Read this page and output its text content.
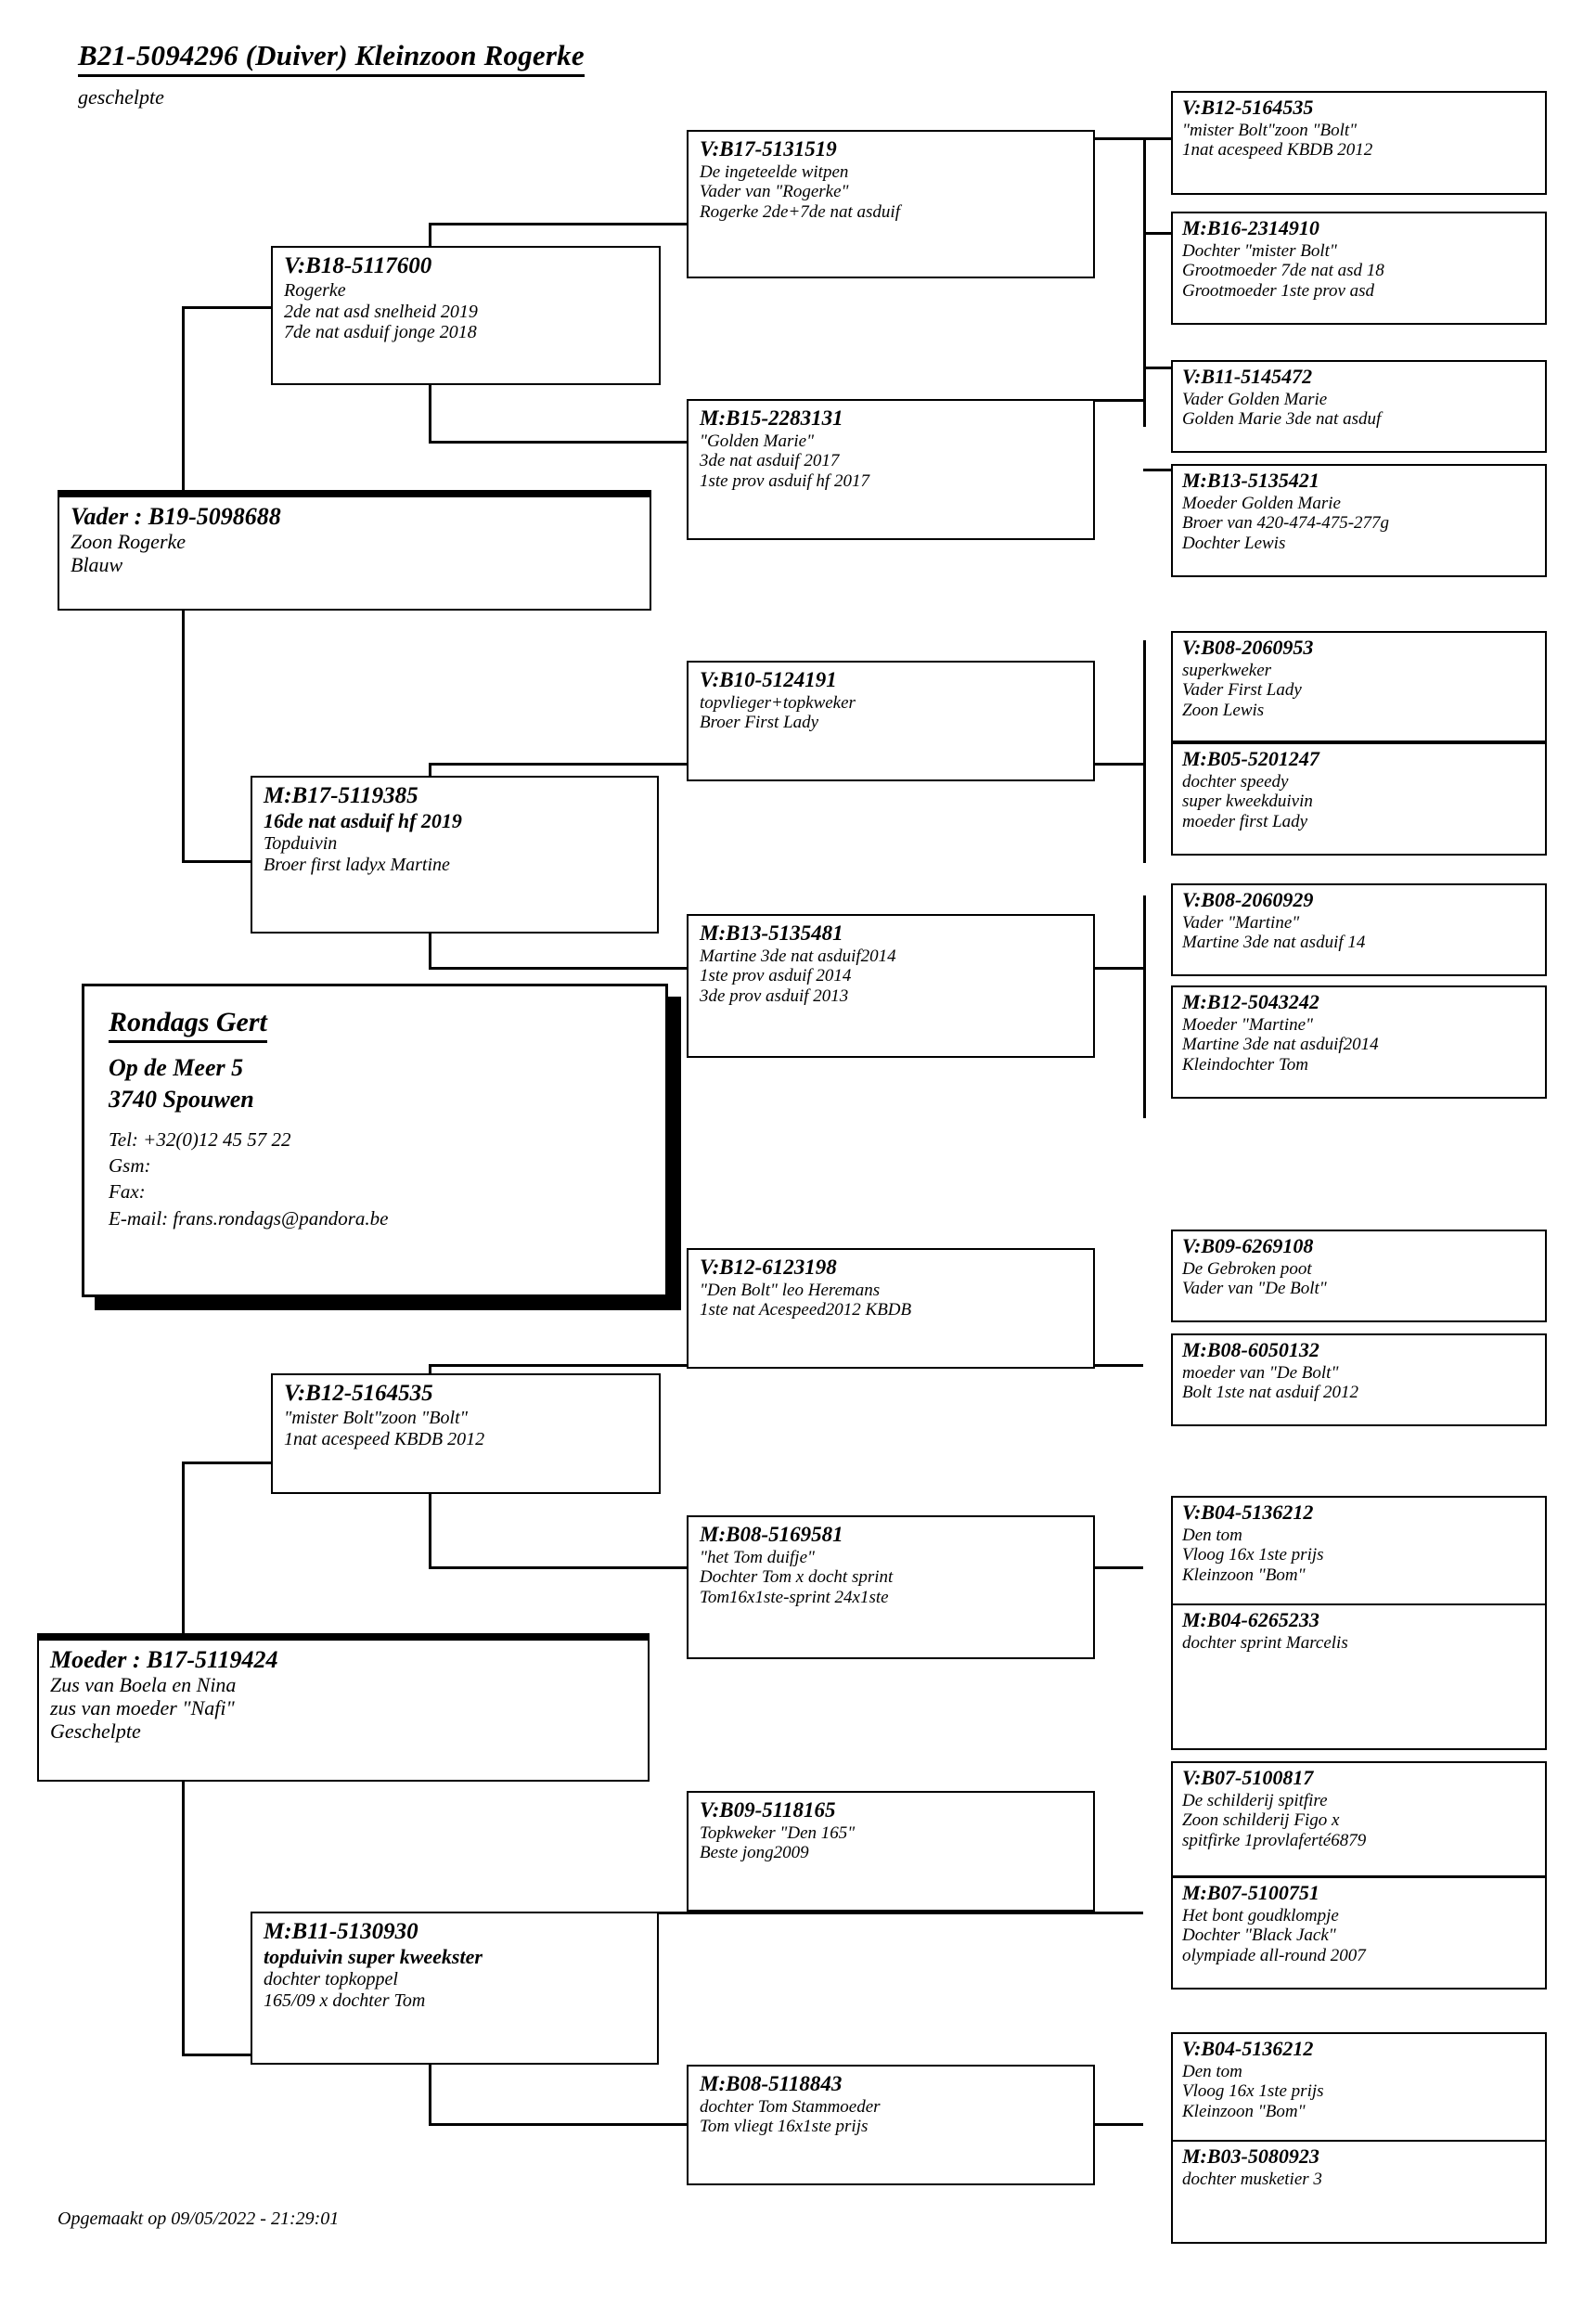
B21-5094296 (Duiver) Kleinzoon Rogerke
geschelpte
Vader : B19-5098688
Zoon Rogerke
Blauw
Moeder : B17-5119424
Zus van Boela en Nina
zus van moeder "Nafi"
Geschelpte
V:B18-5117600
Rogerke
2de nat asd snelheid 2019
7de nat asduif jonge 2018
M:B17-5119385
16de nat asduif hf 2019
Topduivin
Broer first ladyx Martine
V:B12-5164535
"mister Bolt"zoon "Bolt"
1nat acespeed KBDB 2012
M:B11-5130930
topduivin super kweekster
dochter topkoppel
165/09 x dochter Tom
V:B17-5131519
De ingeteelde witpen
Vader van "Rogerke"
Rogerke 2de+7de nat asduif
M:B15-2283131
"Golden Marie"
3de nat asduif 2017
1ste prov asduif hf 2017
V:B10-5124191
topvlieger+topkweker
Broer First Lady
M:B13-5135481
Martine 3de nat asduif2014
1ste prov asduif 2014
3de prov asduif 2013
V:B12-6123198
"Den Bolt" leo Heremans
1ste nat Acespeed2012 KBDB
M:B08-5169581
"het Tom duifje"
Dochter Tom x docht sprint
Tom16x1ste-sprint 24x1ste
V:B09-5118165
Topkweker "Den 165"
Beste jong2009
M:B08-5118843
dochter Tom Stammoeder
Tom vliegt 16x1ste prijs
V:B12-5164535
"mister Bolt"zoon "Bolt"
1nat acespeed KBDB 2012
M:B16-2314910
Dochter "mister Bolt"
Grootmoeder 7de nat asd 18
Grootmoeder 1ste prov asd
V:B11-5145472
Vader Golden Marie
Golden Marie 3de nat asduf
M:B13-5135421
Moeder Golden Marie
Broer van 420-474-475-277g
Dochter Lewis
V:B08-2060953
superkweker
Vader First Lady
Zoon Lewis
M:B05-5201247
dochter speedy
super kweekduivin
moeder first Lady
V:B08-2060929
Vader "Martine"
Martine 3de nat asduif 14
M:B12-5043242
Moeder "Martine"
Martine 3de nat asduif2014
Kleindochter Tom
V:B09-6269108
De Gebroken poot
Vader van "De Bolt"
M:B08-6050132
moeder van "De Bolt"
Bolt 1ste nat asduif 2012
V:B04-5136212
Den tom
Vloog 16x 1ste prijs
Kleinzoon "Bom"
M:B04-6265233
dochter sprint Marcelis
V:B07-5100817
De schilderij spitfire
Zoon schilderij Figo x
spitfirke 1provlaferté6879
M:B07-5100751
Het bont goudklompje
Dochter "Black Jack"
olympiade all-round 2007
V:B04-5136212
Den tom
Vloog 16x 1ste prijs
Kleinzoon "Bom"
M:B03-5080923
dochter musketier 3
Rondags Gert
Op de Meer 5
3740 Spouwen
Tel: +32(0)12 45 57 22
Gsm:
Fax:
E-mail: frans.rondags@pandora.be
Opgemaakt op 09/05/2022 - 21:29:01
